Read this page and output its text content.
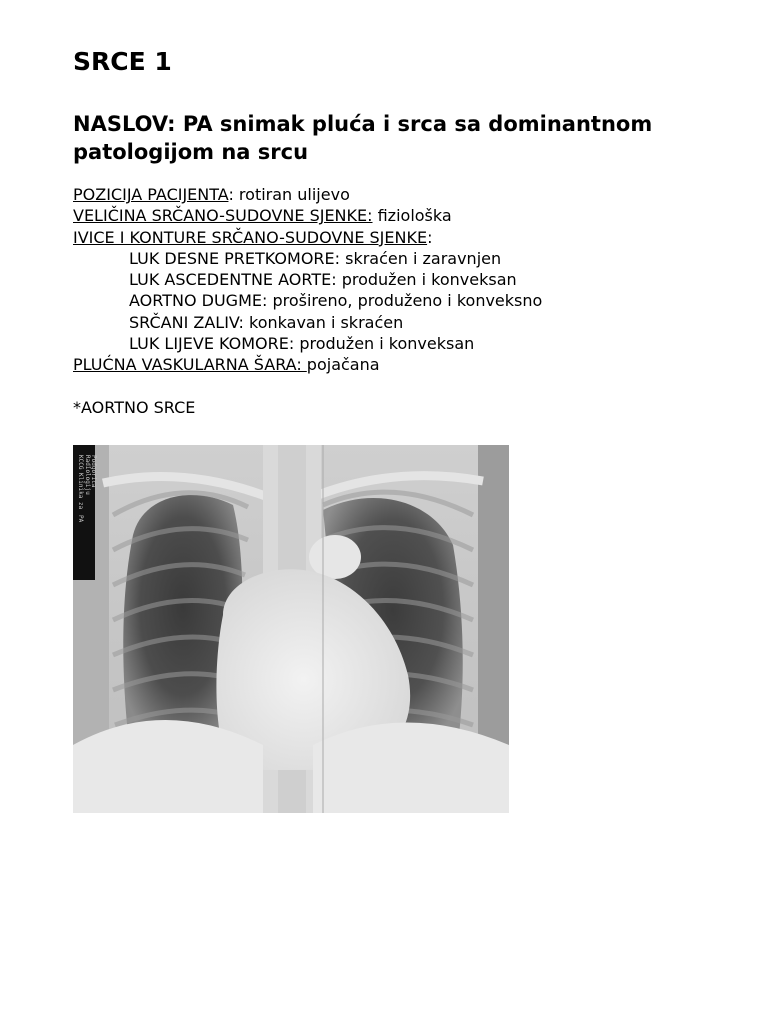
SRCE 1
NASLOV: PA snimak pluća i srca sa dominantnom patologijom na srcu
POZICIJA PACIJENTA: rotiran ulijevo
VELIČINA SRČANO-SUDOVNE SJENKE: fiziološka
IVICE I KONTURE SRČANO-SUDOVNE SJENKE:
LUK DESNE PRETKOMORE: skraćen i zaravnjen
LUK ASCEDENTNE AORTE: produžen i konveksan
AORTNO DUGME: prošireno, produženo i konveksno
SRČANI ZALIV: konkavan i skraćen
LUK LIJEVE KOMORE: produžen i konveksan
PLUĆNA VASKULARNA ŠARA: pojačana
*AORTNO SRCE
KCCG Klinika za Radiologiju Podgorica
PA
